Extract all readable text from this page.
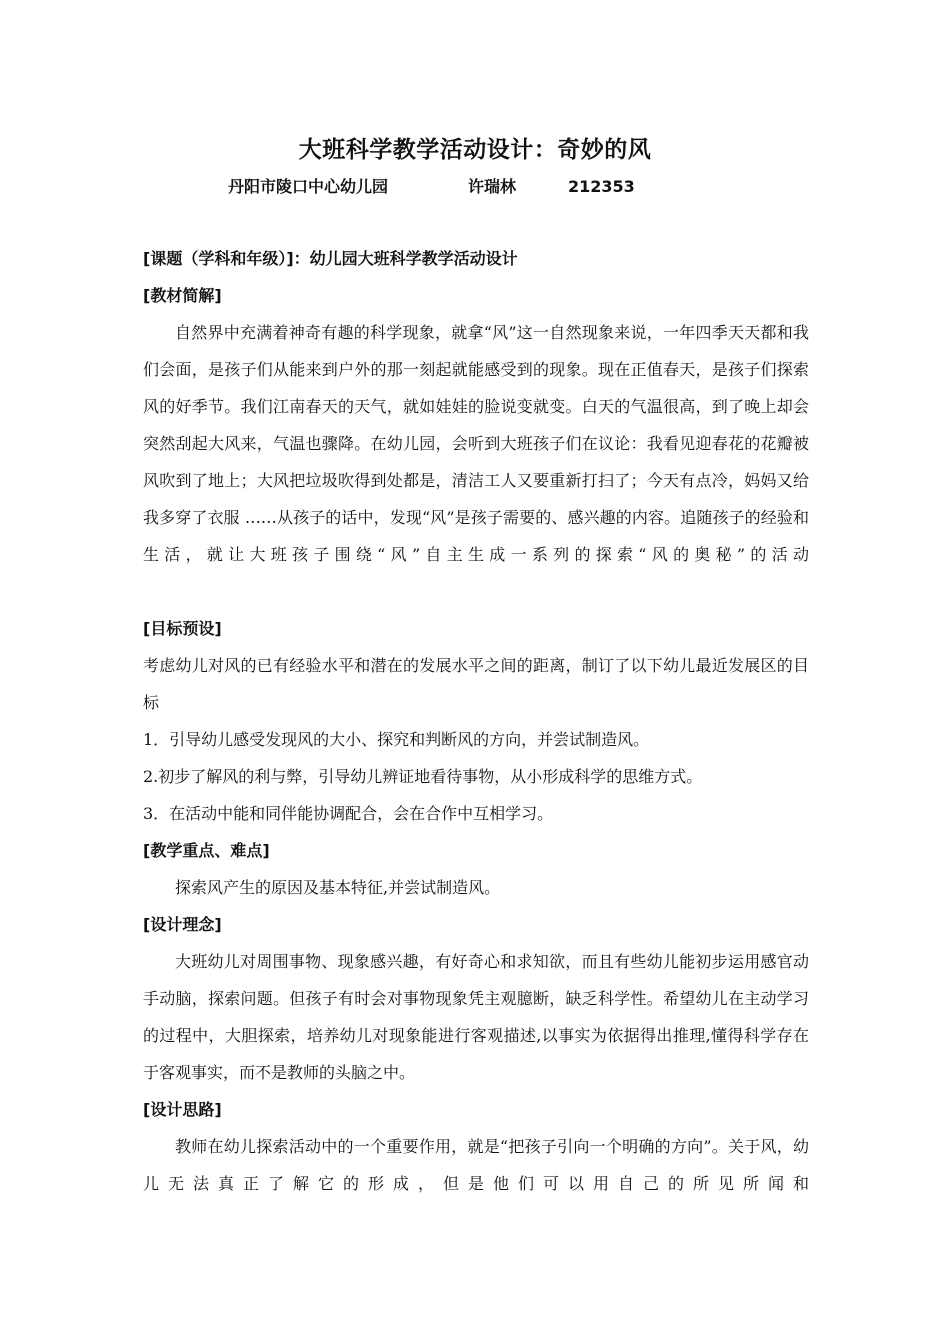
大班科学教学活动设计：奇妙的风
丹阳市陵口中心幼儿园	许瑞林	212353

[课题（学科和年级）]：幼儿园大班科学教学活动设计

[教材简解]

自然界中充满着神奇有趣的科学现象，就拿“风”这一自然现象来说，一年四季天天都和我们会面，是孩子们从能来到户外的那一刻起就能感受到的现象。现在正值春天，是孩子们探索风的好季节。我们江南春天的天气，就如娃娃的脸说变就变。白天的气温很高，到了晚上却会突然刮起大风来，气温也骤降。在幼儿园，会听到大班孩子们在议论：我看见迎春花的花瓣被风吹到了地上；大风把垃圾吹得到处都是，清洁工人又要重新打扫了；今天有点冷，妈妈又给我多穿了衣服 ……从孩子的话中，发现“风”是孩子需要的、感兴趣的内容。追随孩子的经验和生活，就让大班孩子围绕“风”自主生成一系列的探索“风的奥秘”的活动

[目标预设]

考虑幼儿对风的已有经验水平和潜在的发展水平之间的距离，制订了以下幼儿最近发展区的目标

1．引导幼儿感受发现风的大小、探究和判断风的方向，并尝试制造风。

2.初步了解风的利与弊，引导幼儿辨证地看待事物，从小形成科学的思维方式。

3．在活动中能和同伴能协调配合，会在合作中互相学习。

[教学重点、难点]

探索风产生的原因及基本特征,并尝试制造风。

[设计理念]

大班幼儿对周围事物、现象感兴趣，有好奇心和求知欲，而且有些幼儿能初步运用感官动手动脑，探索问题。但孩子有时会对事物现象凭主观臆断，缺乏科学性。希望幼儿在主动学习的过程中，大胆探索，培养幼儿对现象能进行客观描述,以事实为依据得出推理,懂得科学存在于客观事实，而不是教师的头脑之中。

[设计思路]

教师在幼儿探索活动中的一个重要作用，就是“把孩子引向一个明确的方向”。关于风，幼儿无法真正了解它的形成，但是他们可以用自己的所见所闻和
